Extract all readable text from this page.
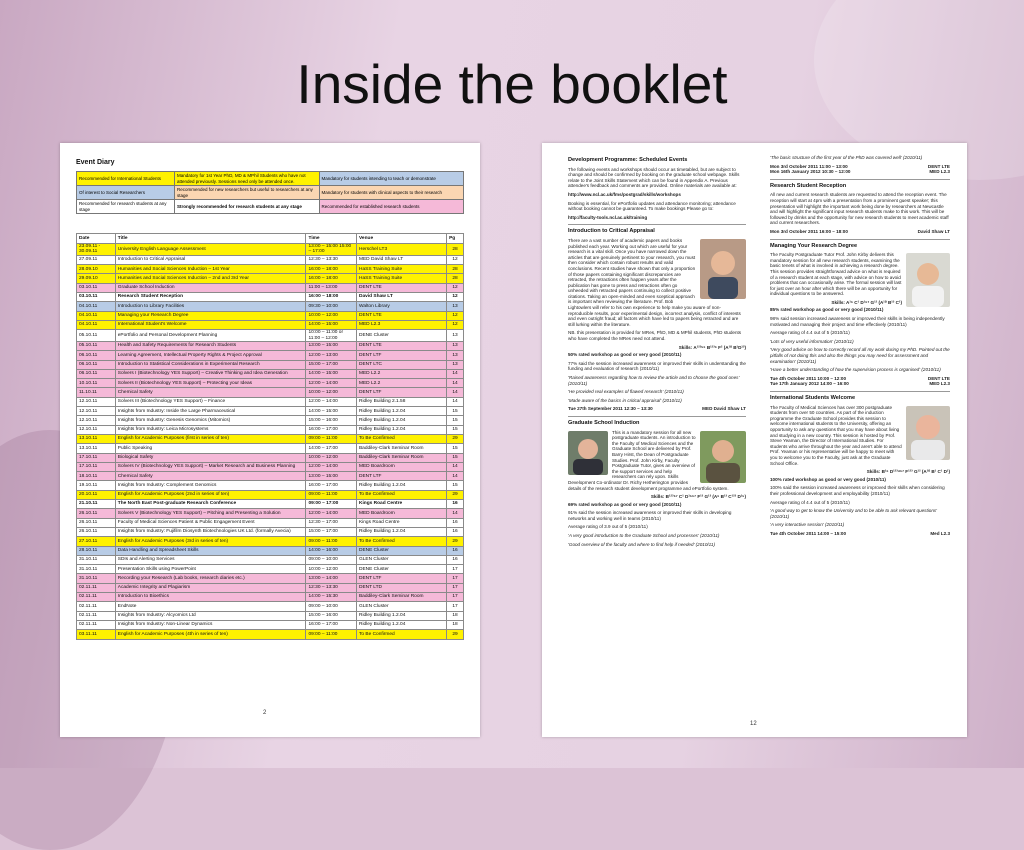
Inside the booklet
Event Diary
Recommended for International Students	Mandatory for 1st Year PhD, MD & MPhil Students who have not attended previously. Sessions need only be attended once.	Mandatory for students intending to teach or demonstrate
Of interest to Social Researchers	Recommended for new researchers but useful to researchers at any stage	Mandatory for students with clinical aspects to their research
Recommended for research students at any stage	Strongly recommended for research students at any stage	Recommended for established research students
Date	Title	Time	Venue	Pg
23.09.11 - 30.09.11	University English Language Assessment	13:00 – 15:00 15:00 – 17:00	Herschel LT3	28
27.09.11	Introduction to Critical Appraisal	12:30 – 13:30	MED David Shaw LT	12
28.09.10	Humanities and Social Sciences Induction – 1st Year	16:00 – 18:00	HaSS Training Suite	28
29.09.10	Humanities and Social Sciences Induction – 2nd and 3rd Year	16:00 – 18:00	HaSS Training Suite	28
03.10.11	Graduate School Induction	11:00 – 13:00	DENT LTE	12
03.10.11	Research Student Reception	16:00 – 18:00	David Shaw LT	12
04.10.11	Introduction to Library Facilities	09:30 – 10:00	Walton Library	13
04.10.11	Managing your Research Degree	10:00 – 12:00	DENT LTE	12
04.10.11	International Student's Welcome	14:00 – 15:00	MED L2.3	12
05.10.11	ePortfolio and Personal Development Planning	10:00 – 11:00 or 11:00 – 12:00	DENE Cluster	13
05.10.11	Health and Safety Requirements for Research Students	13:00 – 15:00	DENT LTE	13
06.10.11	Learning Agreement, Intellectual Property Rights & Project Approval	12:00 – 13:00	DENT LTF	13
06.10.11	Introduction to Statistical Considerations in Experimental Research	15:00 – 17:00	DENT LTC	13
06.10.11	Solvers I (Biotechnology YES Support) – Creative Thinking and Idea Generation	14:00 – 15:00	MED L2.2	14
10.10.11	Solvers II (Biotechnology YES Support) – Protecting your Ideas	12:00 – 14:00	MED L2.2	14
11.10.11	Chemical Safety	10:00 – 12:00	DENT LTF	14
12.10.11	Solvers III (Biotechnology YES Support) – Finance	12:00 – 14:00	Ridley Building 2.1.58	14
12.10.11	Insights from Industry: Inside the Large Pharmaceutical	14:00 – 15:00	Ridley Building 1.2.04	15
12.10.11	Insights from Industry: Genesis Genomics (Mitomics)	15:00 – 16:00	Ridley Building 1.2.04	15
12.10.11	Insights from Industry: Leica Microsystems	16:00 – 17:00	Ridley Building 1.2.04	15
13.10.11	English for Academic Purposes (first in series of ten)	09:00 – 11:00	To Be Confirmed	29
13.10.11	Public Speaking	14:00 – 17:00	Baddiley-Clark Seminar Room	15
17.10.11	Biological Safety	10:00 – 12:00	Baddiley-Clark Seminar Room	15
17.10.11	Solvers IV (Biotechnology YES Support) – Market Research and Business Planning	12:00 – 14:00	MED Boardroom	14
18.10.11	Chemical Safety	13:00 – 15:00	DENT LTF	14
19.10.11	Insights from Industry: Complement Genomics	16:00 – 17:00	Ridley Building 1.2.04	15
20.10.11	English for Academic Purposes (2nd in series of ten)	09:00 – 11:00	To Be Confirmed	29
21.10.11	The North East Post-graduate Research Conference	09:00 – 17:00	Kings Road Centre	16
26.10.11	Solvers V (Biotechnology YES Support) – Pitching and Presenting a Solution	12:00 – 14:00	MED Boardroom	14
26.10.11	Faculty of Medical Sciences Patient & Public Engagement Event	12:30 – 17:00	Kings Road Centre	16
26.10.11	Insights from Industry: Fujifilm Diosynth Biotechnologies UK Ltd. (formally Avecia)	15:00 – 17:00	Ridley Building 1.2.04	16
27.10.11	English for Academic Purposes (3rd in series of ten)	09:00 – 11:00	To Be Confirmed	29
28.10.11	Data Handling and Spreadsheet Skills	14:00 – 16:00	DENE Cluster	16
31.10.11	SDIs and Alerting Services	09:00 – 10:00	GLEN Cluster	16
31.10.11	Presentation Skills using PowerPoint	10:00 – 12:00	DENE Cluster	17
31.10.11	Recording your Research (Lab books, research diaries etc.)	13:00 – 14:00	DENT LTF	17
02.11.11	Academic Integrity and Plagiarism	12:30 – 13:30	DENT LTD	17
02.11.11	Introduction to Bioethics	14:00 – 15:30	Baddiley-Clark Seminar Room	17
02.11.11	EndNote	09:00 – 10:00	GLEN Cluster	17
02.11.11	Insights from Industry: Alcyomics Ltd	15:00 – 16:00	Ridley Building 1.2.04	18
02.11.11	Insights from Industry: Non-Linear Dynamics	16:00 – 17:00	Ridley Building 1.2.04	18
03.11.11	English for Academic Purposes (4th in series of ten)	09:00 – 11:00	To Be Confirmed	29
2
Development Programme: Scheduled Events

The following events and workshops should occur as timetabled, but are subject to change and should be confirmed by booking on the graduate school webpage. Skills relate to the Joint Skills Statement which can be found in Appendix A. Previous attendee's feedback and comments are provided. Online materials are available at:

http://www.ncl.ac.uk/fms/postgrad/skills/workshops

Booking is essential, for ePortfolio updates and attendance monitoring; attendance without booking cannot be guaranteed. To make bookings Please go to:

http://faculty-tools.ncl.ac.uk/training

Introduction to Critical Appraisal

There are a vast number of academic papers and books published each year. Working out which are useful for your research is a vital skill. Once you have narrowed down the articles that are genuinely pertinent to your research, you must then consider which contain robust results and valid conclusions. Recent studies have shown that only a proportion of those papers containing significant discrepancies are retracted, the retractions often happen years after the publication has gone to press and retractions often go unheeded with retracted papers continuing to collect positive citations. Taking an open-minded and even sceptical approach is important when reviewing the literature. Prof. Bob Lightowlers will refer to his own experience to help make you aware of non-reproducible results, poor experimental design, incorrect analysis, conflict of interests and even outright fraud; all factors which have led to papers being retracted and are still lurking within the literature.

NB. this presentation is provided for MRes, PhD, MD & MPhil students, PhD students who have completed the MRes need not attend.

Skills: A¹²³⁵⁶ B¹²³⁶ F² (A¹⁰ B¹D¹³)

50% rated workshop as good or very good (2010/11)

77% said the session increased awareness or improved their skills in understanding the funding and evaluation of research (2010/11)

'Raised awareness regarding how to review the article and to choose the good ones' (2010/11)

'He provided real examples of flawed research' (2010/11)

'Made aware of the basics in critical appraisal' (2010/11)

Tue 27th September 2011 12:30 – 13:30	MED David Shaw LT
Graduate School Induction

This is a mandatory session for all new postgraduate students. An introduction to the Faculty of Medical Sciences and the Graduate School are delivered by Prof. Barry Hirst, the Dean of Postgraduate Studies. Prof. John Kirby, Faculty Postgraduate Tutor, gives an overview of the support services and help researchers can rely upon. Skills Development Co-ordinator Dr. Richy Hetherington provides details of the research student development programme and ePortfolio system.

Skills: B¹²³⁵⁷ C¹ D¹⁵⁶⁷ F¹³ G¹³ (A⁶ B¹³ C¹²³ D¹⁵)

69% rated workshop as good or very good (2010/11)

91% said the session increased awareness or improved their skills in developing networks and working well in teams (2010/11)

Average rating of 3.9 out of 5 (2010/11)

'A very good introduction to the Graduate School and processes' (2010/11)

'Good overview of the faculty and where to find help if needed' (2010/11)

'The basic structure of the first year of the PhD was covered well' (2010/11)

Mon 3rd October 2011 11:00 – 13:00	DENT LTE
Mon 16th January 2012 10:30 – 12:00	MED L2.3
Research Student Reception

All new and current research students are requested to attend the reception event. The reception will start at 4pm with a presentation from a prominent guest speaker; this presentation will highlight the important work being done by researchers at Newcastle and will highlight the significant input research students make to this work. This will be followed by drinks and the opportunity for new research students to meet academic staff and current researchers.

Mon 3rd October 2011 16:00 – 18:00	David Shaw LT
Managing Your Research Degree

The Faculty Postgraduate Tutor Prof. John Kirby delivers this mandatory session for all new research students, examining the basic tenets of what is involved in achieving a research degree. This session provides straightforward advice on what is required of a research student at each stage, with advice on how to avoid problems that can occasionally arise. The formal session will last for just over an hour after which there will be an opportunity for individual questions to be answered.

Skills: A¹⁶ C¹ D¹⁶⁷ G¹² (A¹⁰ B¹³ C¹)

85% rated workshop as good or very good (2010/11)

98% said session increased awareness or improved their skills in being independently motivated and managing their project and time effectively (2010/11)

Average rating of 4.4 out of 5 (2010/11)

'Lots of very useful information' (2010/11)

'Very good advice on how to correctly record all my work during my PhD. Pointed out the pitfalls of not doing this and also the things you may need for assessment and examination' (2010/11)

'Have a better understanding of how the supervision process is organised' (2010/11)

Tue 4th October 2011 10:00 – 12:00	DENT LTE
Tue 17th January 2012 14:00 – 16:00	MED L2.3
International Students Welcome

The Faculty of Medical Sciences has over 300 postgraduate students from over 50 countries. As part of the induction programme the Graduate School provides this session to welcome international students to the University, offering an opportunity to ask any questions that you may have about living and studying in a new country. This session is hosted by Prof. Steve Yeaman, the Director of International Studies. For students who arrive throughout the year and aren't able to attend Prof. Yeaman or his representative will be happy to meet with you to welcome you to the Faculty, just ask at the Graduate School Office.

Skills: B¹⁶ D¹²³⁴⁶⁷ F¹²³ G¹² (A¹⁰ B¹ C¹ D¹)

100% rated workshop as good or very good (2010/11)

100% said the session increased awareness or improved their skills when considering their professional development and employability (2010/11)

Average rating of 4.4 out of 5 (2010/11)

'A good way to get to know the University and to be able to ask relevant questions' (2010/11)

'A very interactive session' (2010/11)

Tue 4th October 2011 14:00 – 15:00	Med L2.3
12
